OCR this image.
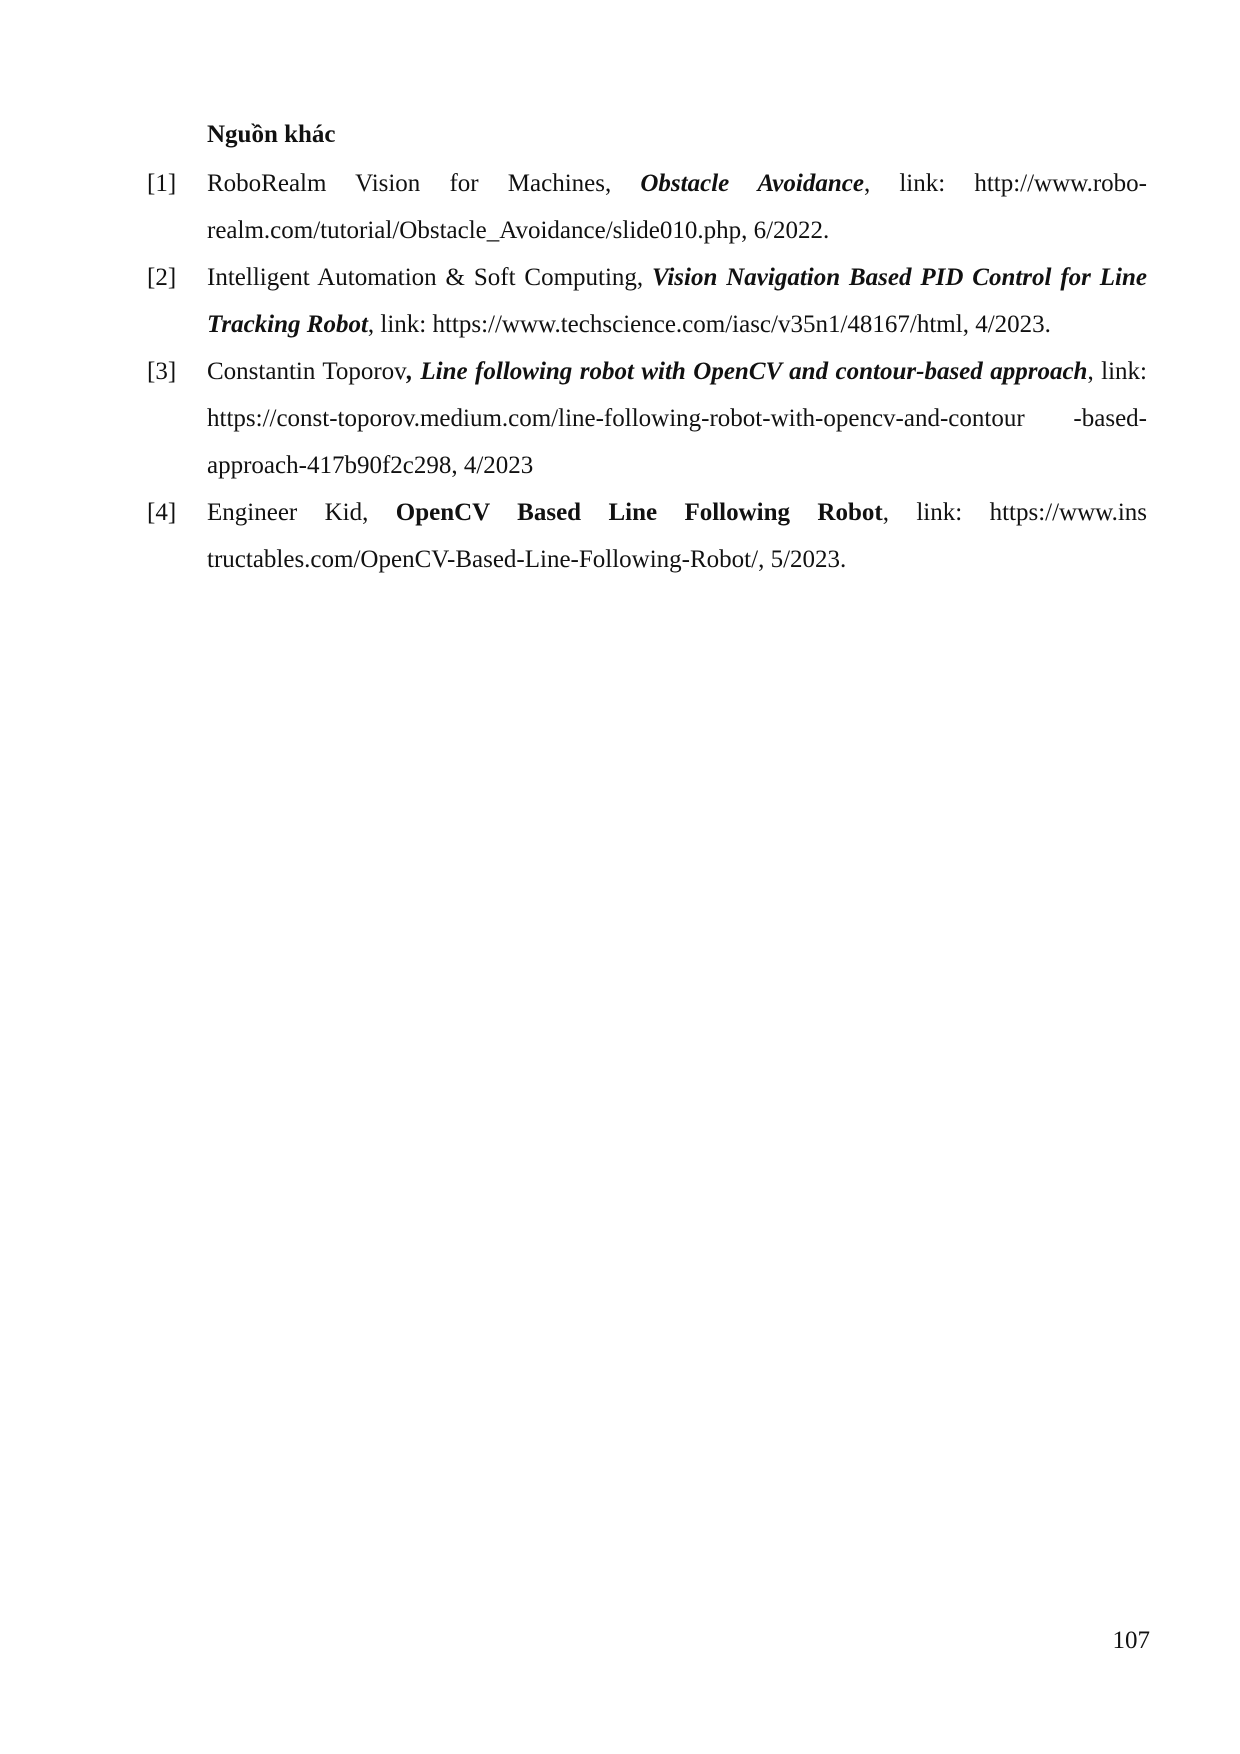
Nguồn khác
[1] RoboRealm Vision for Machines, Obstacle Avoidance, link: http://www.robo-realm.com/tutorial/Obstacle_Avoidance/slide010.php, 6/2022.
[2] Intelligent Automation & Soft Computing, Vision Navigation Based PID Control for Line Tracking Robot, link: https://www.techscience.com/iasc/v35n1/48167/html, 4/2023.
[3] Constantin Toporov, Line following robot with OpenCV and contour-based approach, link: https://const-toporov.medium.com/line-following-robot-with-opencv-and-contour -based-approach-417b90f2c298, 4/2023
[4] Engineer Kid, OpenCV Based Line Following Robot, link: https://www.ins tructables.com/OpenCV-Based-Line-Following-Robot/, 5/2023.
107
